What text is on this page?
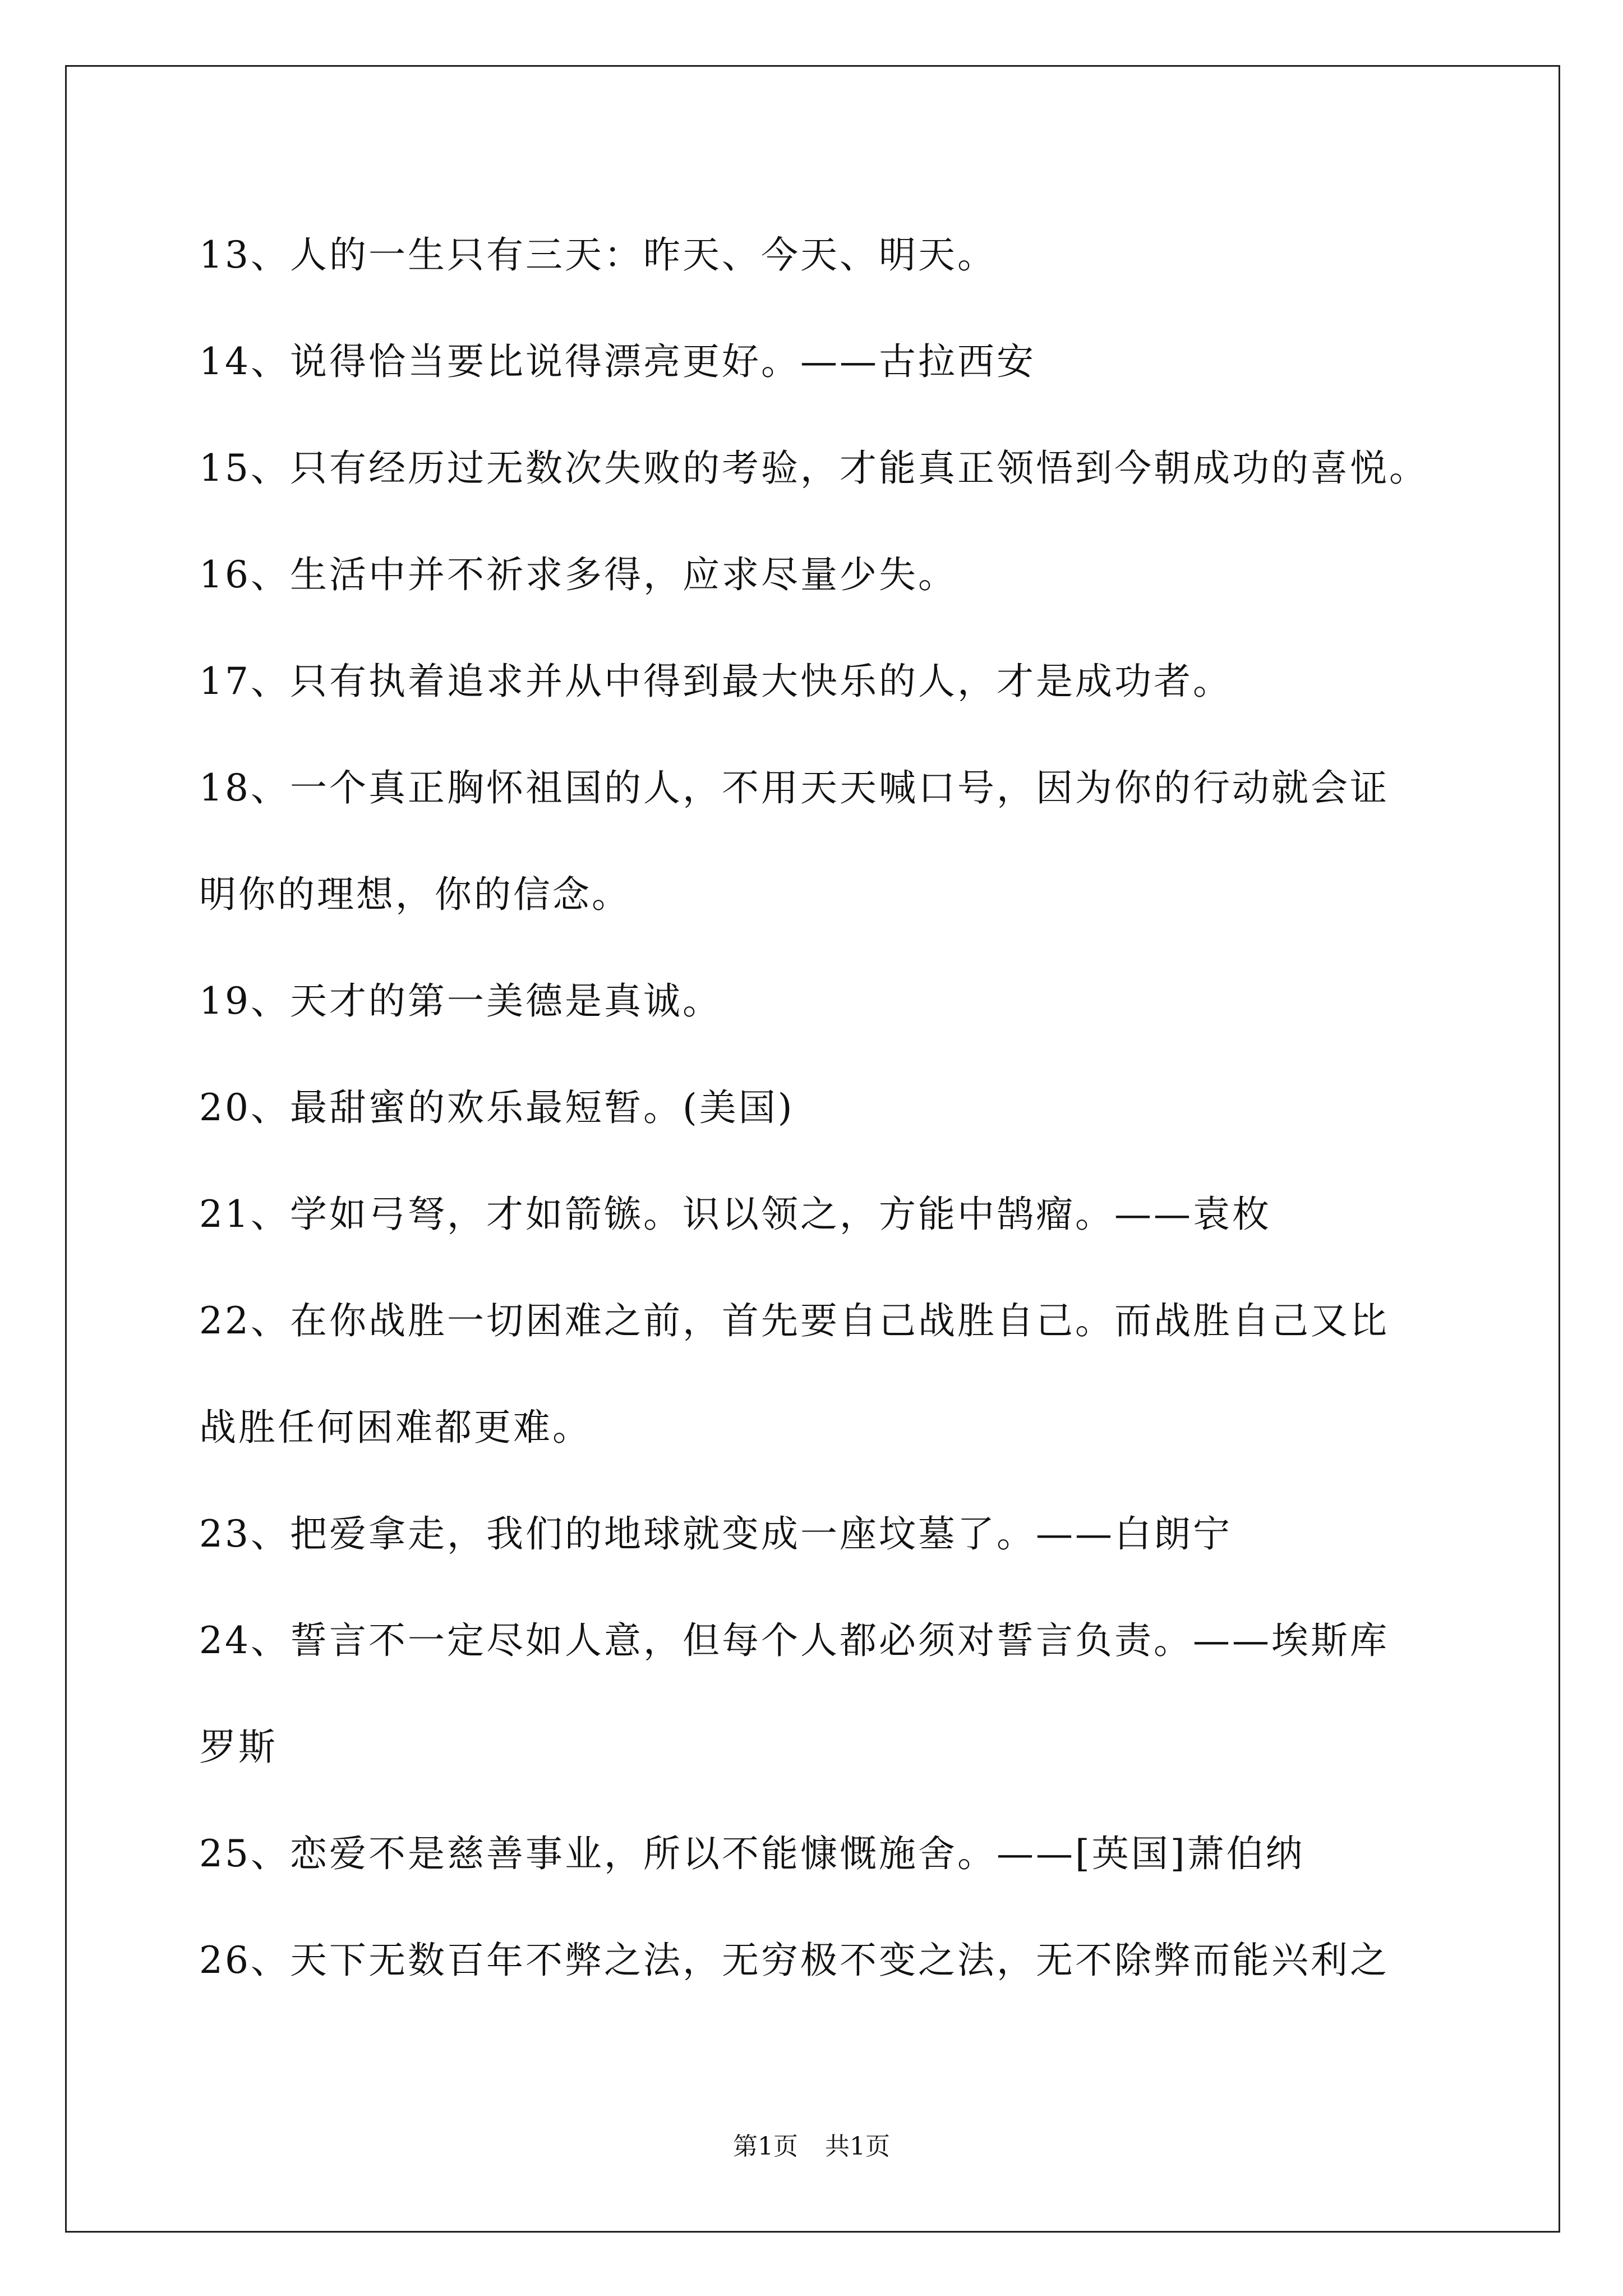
13、人的一生只有三天：昨天、今天、明天。
14、说得恰当要比说得漂亮更好。——古拉西安
15、只有经历过无数次失败的考验，才能真正领悟到今朝成功的喜悦。
16、生活中并不祈求多得，应求尽量少失。
17、只有执着追求并从中得到最大快乐的人，才是成功者。
18、一个真正胸怀祖国的人，不用天天喊口号，因为你的行动就会证
明你的理想，你的信念。
19、天才的第一美德是真诚。
20、最甜蜜的欢乐最短暂。(美国)
21、学如弓弩，才如箭镞。识以领之，方能中鹄瘤。——袁枚
22、在你战胜一切困难之前，首先要自己战胜自己。而战胜自己又比
战胜任何困难都更难。
23、把爱拿走，我们的地球就变成一座坟墓了。——白朗宁
24、誓言不一定尽如人意，但每个人都必须对誓言负责。——埃斯库
罗斯
25、恋爱不是慈善事业，所以不能慷慨施舍。——[英国]萧伯纳
26、天下无数百年不弊之法，无穷极不变之法，无不除弊而能兴利之
第1页 共1页
